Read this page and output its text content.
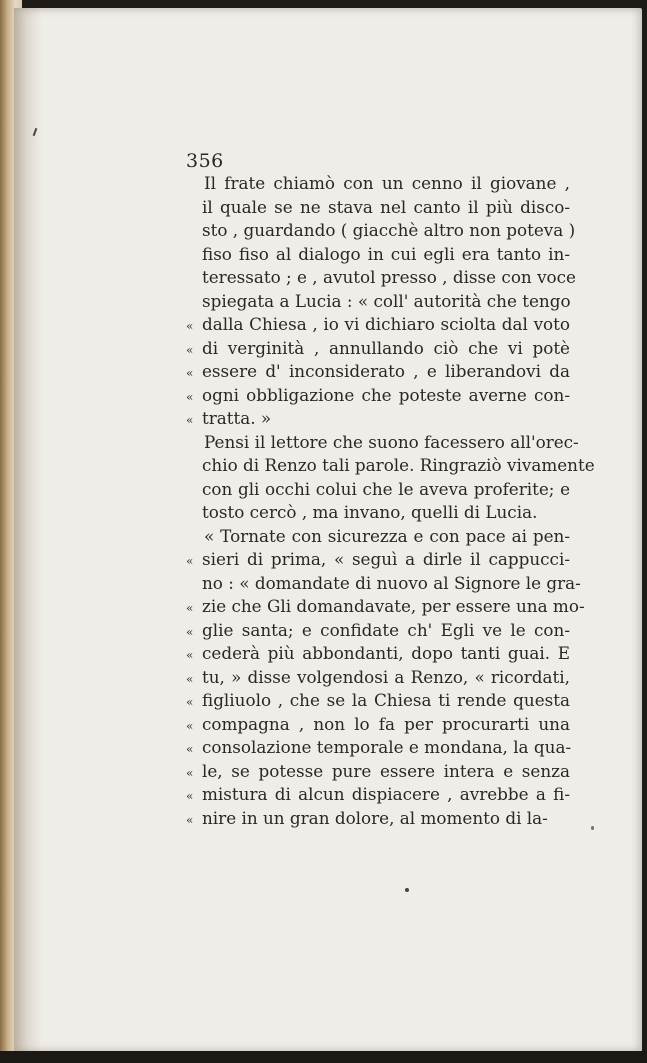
356
Il frate chiamò con un cenno il giovane ,
il quale se ne stava nel canto il più disco-
sto , guardando ( giacchè altro non poteva )
fiso fiso al dialogo in cui egli era tanto in-
teressato ; e , avutol presso , disse con voce
spiegata a Lucia : « coll' autorità che tengo
« dalla Chiesa , io vi dichiaro sciolta dal voto
« di verginità , annullando ciò che vi potè
« essere d' inconsiderato , e liberandovi da
« ogni obbligazione che poteste averne con-
« tratta. »
Pensi il lettore che suono facessero all'orec-
chio di Renzo tali parole. Ringraziò vivamente
con gli occhi colui che le aveva proferite; e
tosto cercò , ma invano, quelli di Lucia.
« Tornate con sicurezza e con pace ai pen-
« sieri di prima, « seguì a dirle il cappucci-
no : « domandate di nuovo al Signore le gra-
« zie che Gli domandavate, per essere una mo-
« glie santa; e confidate ch' Egli ve le con-
« cederà più abbondanti, dopo tanti guai. E
« tu, » disse volgendosi a Renzo, « ricordati,
« figliuolo , che se la Chiesa ti rende questa
« compagna , non lo fa per procurarti una
« consolazione temporale e mondana, la qua-
« le, se potesse pure essere intera e senza
« mistura di alcun dispiacere , avrebbe a fi-
« nire in un gran dolore, al momento di la-
